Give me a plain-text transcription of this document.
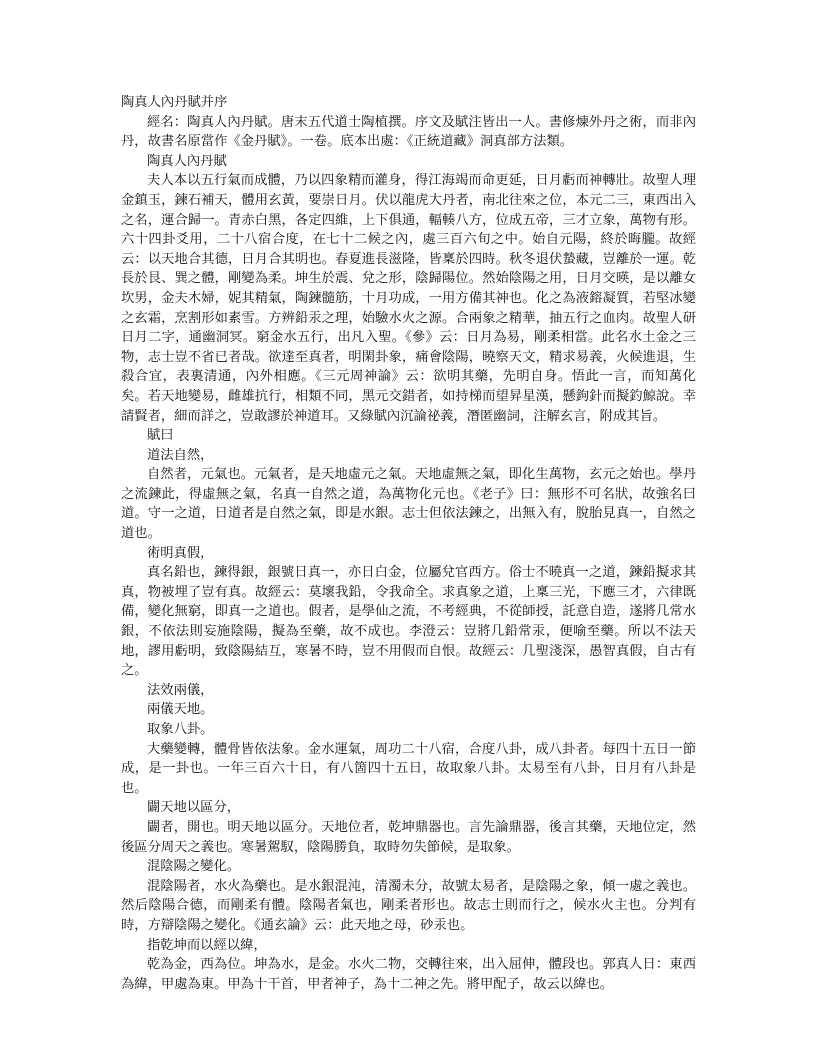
陶真人內丹賦并序

經名：陶真人內丹賦。唐末五代道士陶植撰。序文及賦注皆出一人。書修煉外丹之術，而非內丹，故書名原當作《金丹賦》。一卷。底本出處：《正統道藏》洞真部方法類。

陶真人內丹賦

夫人本以五行氣而成體，乃以四象精而灌身，得江海竭而命更延，日月虧而神轉壯。故聖人理金鎮玉，鍊石補天，體用玄黃，要崇日月。伏以龍虎大丹者，南北往來之位，本元二三，東西出入之名，運合歸一。青赤白黑，各定四維，上下俱通，輻輳八方，位成五帝，三才立象，萬物有形。六十四卦爻用，二十八宿合度，在七十二候之內，處三百六旬之中。始自元陽，終於晦朧。故經云：以天地合其德，日月合其明也。春夏進長滋隆，皆稟於四時。秋冬退伏蟄藏，豈離於一運。乾長於艮、巽之體，剛變為柔。坤生於震、兌之形，陰歸陽位。然始陰陽之用，日月交暎，是以離女坎男，金夫木婦，妮其精氣，陶鍊髓筋，十月功成，一用方備其神也。化之為液鎔凝質，若堅冰變之玄霜，烹割形如素雪。方辨鉛汞之理，始驗水火之源。合兩象之精華，抽五行之血肉。故聖人研日月二字，通幽洞冥。窮金水五行，出凡入聖。《參》云：日月為易，剛柔相當。此名水土金之三物，志士豈不省已者哉。欲達至真者，明閑卦象，痛會陰陽，曉察天文，精求易義，火候進退，生殺合宜，表裏清通，內外相應。《三元周神論》云：欲明其藥，先明自身。悟此一言，而知萬化矣。若天地變易，雌雄抗行，相類不同，黑元交錯者，如持梯而望昇星漢，懸鉤針而擬釣鯨說。幸請賢者，細而詳之，豈敢謬於神道耳。又綠賦內沉論祕義，潛匿幽詞，注解玄言，附成其旨。

賦曰

道法自然，

自然者，元氣也。元氣者，是天地虛元之氣。天地虛無之氣，即化生萬物，玄元之始也。學丹之流鍊此，得虛無之氣，名真一自然之道，為萬物化元也。《老子》曰：無形不可名狀，故強名曰道。守一之道，日道者是自然之氣，即是水銀。志士但依法鍊之，出無入有，脫胎見真一，自然之道也。

術明真假，

真名鉛也，鍊得銀，銀號日真一，亦日白金，位屬兌官西方。俗士不曉真一之道，鍊鉛擬求其真，物被埋了豈有真。故經云：莫壞我鉛，令我命全。求真象之道，上稟三光，下應三才，六律既備，變化無窮，即真一之道也。假者，是學仙之流，不考經典，不從師授，託意自造，遂將几常水銀，不依法則妄施陰陽，擬為至藥，故不成也。李澄云：豈將几鉛常汞，便喻至藥。所以不法天地，謬用虧明，致陰陽結互，寒暑不時，豈不用假而自恨。故經云：几聖淺深，愚智真假，自古有之。

法效兩儀，

兩儀天地。

取象八卦。

大藥變轉，體骨皆依法象。金水運氣，周功二十八宿，合度八卦，成八卦者。每四十五日一節成，是一卦也。一年三百六十日，有八箇四十五日，故取象八卦。太易至有八卦，日月有八卦是也。

闢天地以區分，

闢者，開也。明天地以區分。天地位者，乾坤鼎器也。言先論鼎器，後言其藥，天地位定，然後區分周天之義也。寒暑駕馭，陰陽勝負，取時勿失節候，是取象。

混陰陽之變化。

混陰陽者，水火為藥也。是水銀混沌，清濁未分，故號太易者，是陰陽之象，傾一處之義也。然后陰陽合德，而剛柔有體。陰陽者氣也，剛柔者形也。故志士則而行之，候水火主也。分判有時，方辯陰陽之變化。《通玄論》云：此天地之母，砂汞也。

指乾坤而以經以緯，

乾為金，西為位。坤為水，是金。水火二物，交轉往來，出入屈伸，體段也。郭真人日：東西為緯，甲處為東。甲為十干首，甲者神子，為十二神之先。將甲配子，故云以緯也。
